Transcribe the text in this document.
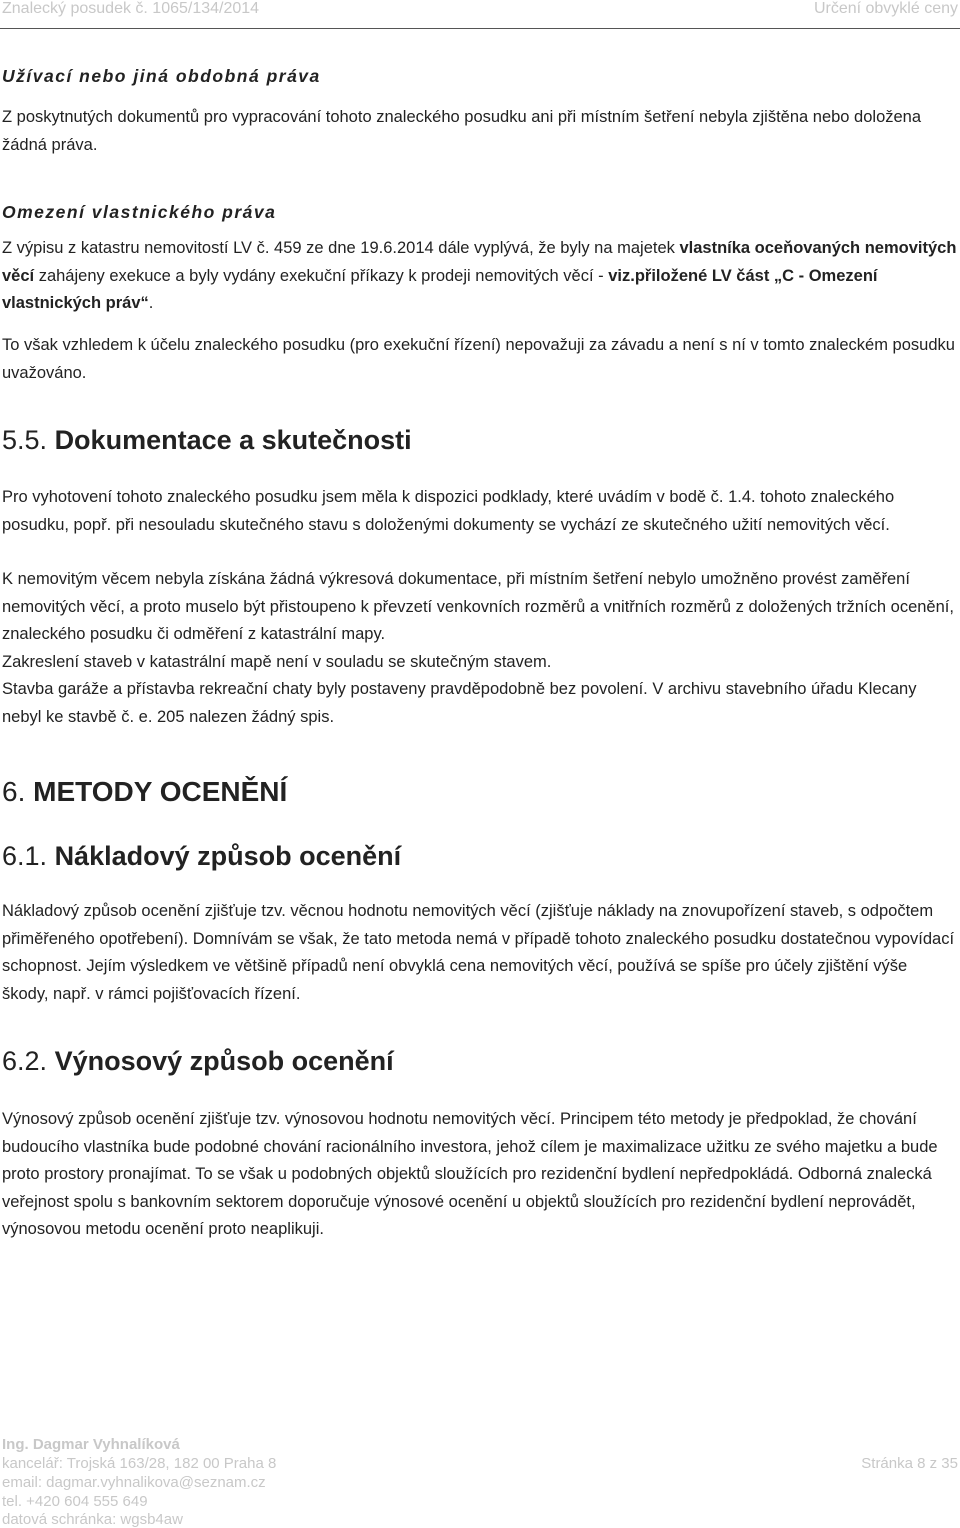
Znalecký posudek č. 1065/134/2014	Určení obvyklé ceny
Užívací nebo jiná obdobná práva

Z poskytnutých dokumentů pro vypracování tohoto znaleckého posudku ani při místním šetření nebyla zjištěna nebo doložena žádná práva.

Omezení vlastnického práva

Z výpisu z katastru nemovitostí LV č. 459 ze dne 19.6.2014 dále vyplývá, že byly na majetek vlastníka oceňovaných nemovitých věcí zahájeny exekuce a byly vydány exekuční příkazy k prodeji nemovitých věcí - viz.přiložené LV část „C - Omezení vlastnických práv“.

To však vzhledem k účelu znaleckého posudku (pro exekuční řízení) nepovažuji za závadu a není s ní v tomto znaleckém posudku uvažováno.

5.5. Dokumentace a skutečnosti

Pro vyhotovení tohoto znaleckého posudku jsem měla k dispozici podklady, které uvádím v bodě č. 1.4. tohoto znaleckého posudku, popř. při nesouladu skutečného stavu s doloženými dokumenty se vychází ze skutečného užití nemovitých věcí.

K nemovitým věcem nebyla získána žádná výkresová dokumentace, při místním šetření nebylo umožněno provést zaměření nemovitých věcí, a proto muselo být přistoupeno k převzetí venkovních rozměrů a vnitřních rozměrů z doložených tržních ocenění, znaleckého posudku či odměření z katastrální mapy.

Zakreslení staveb v katastrální mapě není v souladu se skutečným stavem.

Stavba garáže a přístavba rekreační chaty byly postaveny pravděpodobně bez povolení. V archivu stavebního úřadu Klecany nebyl ke stavbě č. e. 205 nalezen žádný spis.

6. METODY OCENĚNÍ
6.1. Nákladový způsob ocenění

Nákladový způsob ocenění zjišťuje tzv. věcnou hodnotu nemovitých věcí (zjišťuje náklady na znovupořízení staveb, s odpočtem přiměřeného opotřebení). Domnívám se však, že tato metoda nemá v případě tohoto znaleckého posudku dostatečnou vypovídací schopnost. Jejím výsledkem ve většině případů není obvyklá cena nemovitých věcí, používá se spíše pro účely zjištění výše škody, např. v rámci pojišťovacích řízení.

6.2. Výnosový způsob ocenění

Výnosový způsob ocenění zjišťuje tzv. výnosovou hodnotu nemovitých věcí. Principem této metody je předpoklad, že chování budoucího vlastníka bude podobné chování racionálního investora, jehož cílem je maximalizace užitku ze svého majetku a bude proto prostory pronajímat. To se však u podobných objektů sloužících pro rezidenční bydlení nepředpokládá. Odborná znalecká veřejnost spolu s bankovním sektorem doporučuje výnosové ocenění u objektů sloužících pro rezidenční bydlení neprovádět, výnosovou metodu ocenění proto neaplikuji.

Ing. Dagmar Vyhnalíková
kancelář: Trojská 163/28, 182 00 Praha 8
email: dagmar.vyhnalikova@seznam.cz
tel. +420 604 555 649
datová schránka: wgsb4aw
Stránka 8 z 35
